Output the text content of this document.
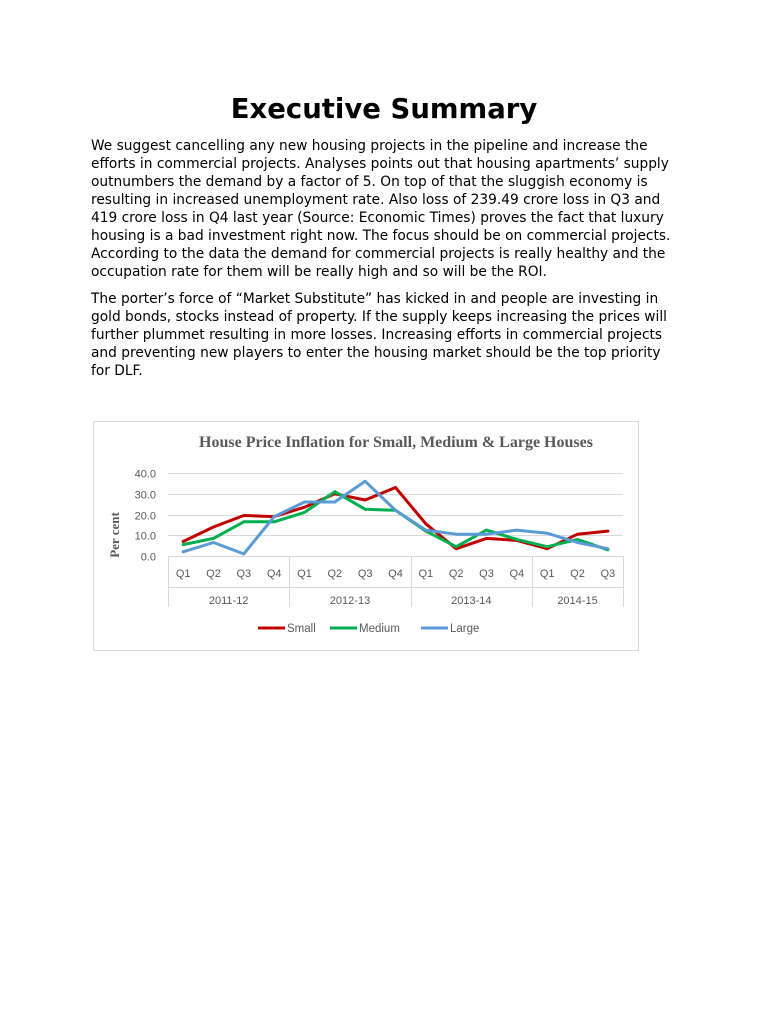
Executive Summary

We suggest cancelling any new housing projects in the pipeline and increase the efforts in commercial projects. Analyses points out that housing apartments’ supply outnumbers the demand by a factor of 5. On top of that the sluggish economy is resulting in increased unemployment rate. Also loss of 239.49 crore loss in Q3 and 419 crore loss in Q4 last year (Source: Economic Times) proves the fact that luxury housing is a bad investment right now. The focus should be on commercial projects. According to the data the demand for commercial projects is really healthy and the occupation rate for them will be really high and so will be the ROI.

The porter’s force of “Market Substitute” has kicked in and people are investing in gold bonds, stocks instead of property. If the supply keeps increasing the prices will further plummet resulting in more losses. Increasing efforts in commercial projects and preventing new players to enter the housing market should be the top priority for DLF.

House Price Inflation for Small, Medium & Large Houses
Per cent 0.0
10.0
20.0
30.0
40.0
Q1 Q2 Q3 Q4 Q1 Q2 Q3 Q4 Q1 Q2 Q3 Q4 Q1 Q2 Q3
2011-12	2012-13	2013-14	2014-15
Small	Medium	Large
